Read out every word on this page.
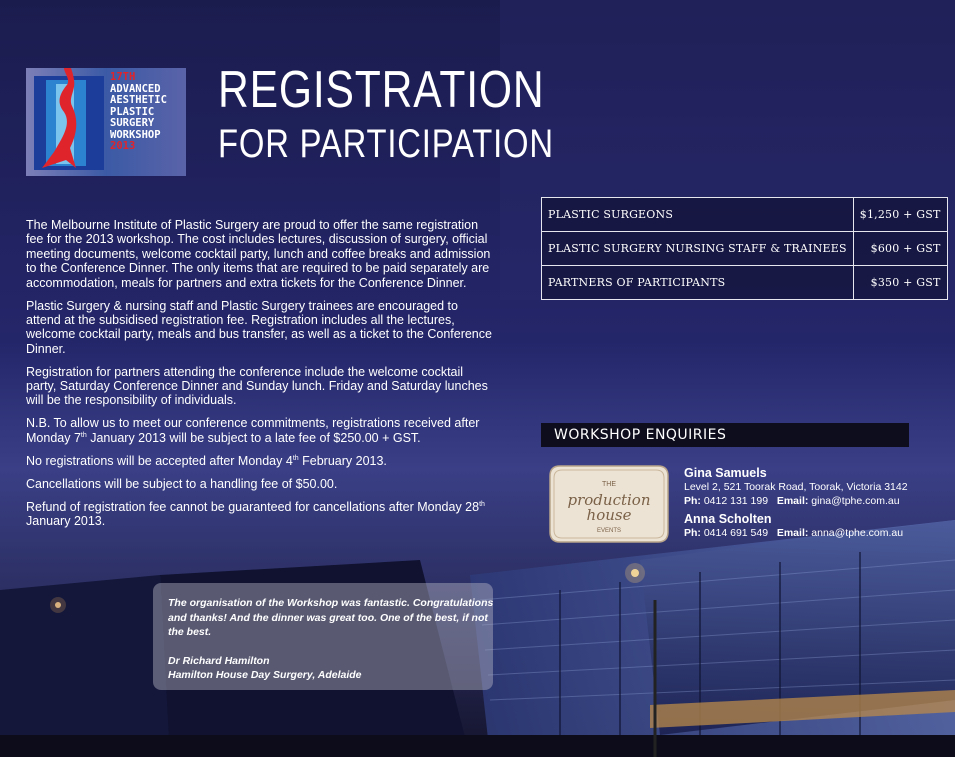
17TH
ADVANCED
AESTHETIC
PLASTIC
SURGERY
WORKSHOP
2013
REGISTRATION
FOR PARTICIPATION

The Melbourne Institute of Plastic Surgery are proud to offer the same registration fee for the 2013 workshop. The cost includes lectures, discussion of surgery, official meeting documents, welcome cocktail party, lunch and coffee breaks and admission to the Conference Dinner. The only items that are required to be paid separately are accommodation, meals for partners and extra tickets for the Conference Dinner.

Plastic Surgery & nursing staff and Plastic Surgery trainees are encouraged to attend at the subsidised registration fee. Registration includes all the lectures, welcome cocktail party, meals and bus transfer, as well as a ticket to the Conference Dinner.

Registration for partners attending the conference include the welcome cocktail party, Saturday Conference Dinner and Sunday lunch. Friday and Saturday lunches will be the responsibility of individuals.

N.B. To allow us to meet our conference commitments, registrations received after Monday 7th January 2013 will be subject to a late fee of $250.00 + GST.

No registrations will be accepted after Monday 4th February 2013.

Cancellations will be subject to a handling fee of $50.00.

Refund of registration fee cannot be guaranteed for cancellations after Monday 28th January 2013.

PLASTIC SURGEONS	$1,250 + GST
PLASTIC SURGERY NURSING STAFF & TRAINEES	$600 + GST
PARTNERS OF PARTICIPANTS	$350 + GST
WORKSHOP ENQUIRIES
THE
production
house
EVENTS
Gina Samuels
Level 2, 521 Toorak Road, Toorak, Victoria 3142
Ph: 0412 131 199 Email: gina@tphe.com.au
Anna Scholten
Ph: 0414 691 549 Email: anna@tphe.com.au

The organisation of the Workshop was fantastic. Congratulations and thanks! And the dinner was great too. One of the best, if not the best.

Dr Richard Hamilton
Hamilton House Day Surgery, Adelaide
